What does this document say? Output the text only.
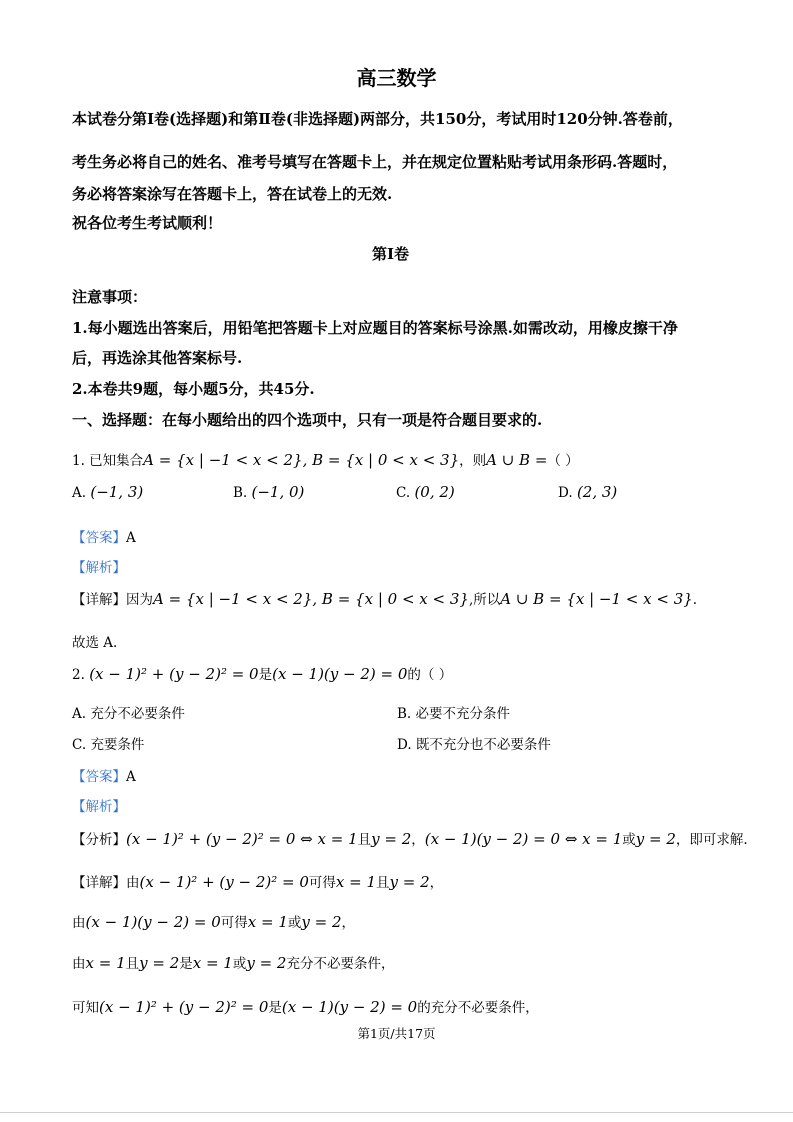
高三数学
本试卷分第Ⅰ卷(选择题)和第Ⅱ卷(非选择题)两部分，共150分，考试用时120分钟.答卷前，
考生务必将自己的姓名、准考号填写在答题卡上，并在规定位置粘贴考试用条形码.答题时，
务必将答案涂写在答题卡上，答在试卷上的无效.
祝各位考生考试顺利！
第Ⅰ卷
注意事项：
1.每小题选出答案后，用铅笔把答题卡上对应题目的答案标号涂黑.如需改动，用橡皮擦干净
后，再选涂其他答案标号.
2.本卷共9题，每小题5分，共45分.
一、选择题：在每小题给出的四个选项中，只有一项是符合题目要求的.
1. 已知集合A = {x | −1 < x < 2}, B = {x | 0 < x < 3}，则A ∪ B =（ ）
A. (−1, 3)	B. (−1, 0)	C. (0, 2)	D. (2, 3)
【答案】A
【解析】
【详解】因为A = {x | −1 < x < 2}, B = {x | 0 < x < 3},所以A ∪ B = {x | −1 < x < 3}.
故选 A.
2. (x − 1)² + (y − 2)² = 0是(x − 1)(y − 2) = 0的（ ）
A. 充分不必要条件	B. 必要不充分条件
C. 充要条件	D. 既不充分也不必要条件
【答案】A
【解析】
【分析】(x − 1)² + (y − 2)² = 0 ⇔ x = 1且y = 2，(x − 1)(y − 2) = 0 ⇔ x = 1或y = 2，即可求解.
【详解】由(x − 1)² + (y − 2)² = 0可得x = 1且y = 2，
由(x − 1)(y − 2) = 0可得x = 1或y = 2，
由x = 1且y = 2是x = 1或y = 2充分不必要条件，
可知(x − 1)² + (y − 2)² = 0是(x − 1)(y − 2) = 0的充分不必要条件，
第1页/共17页
